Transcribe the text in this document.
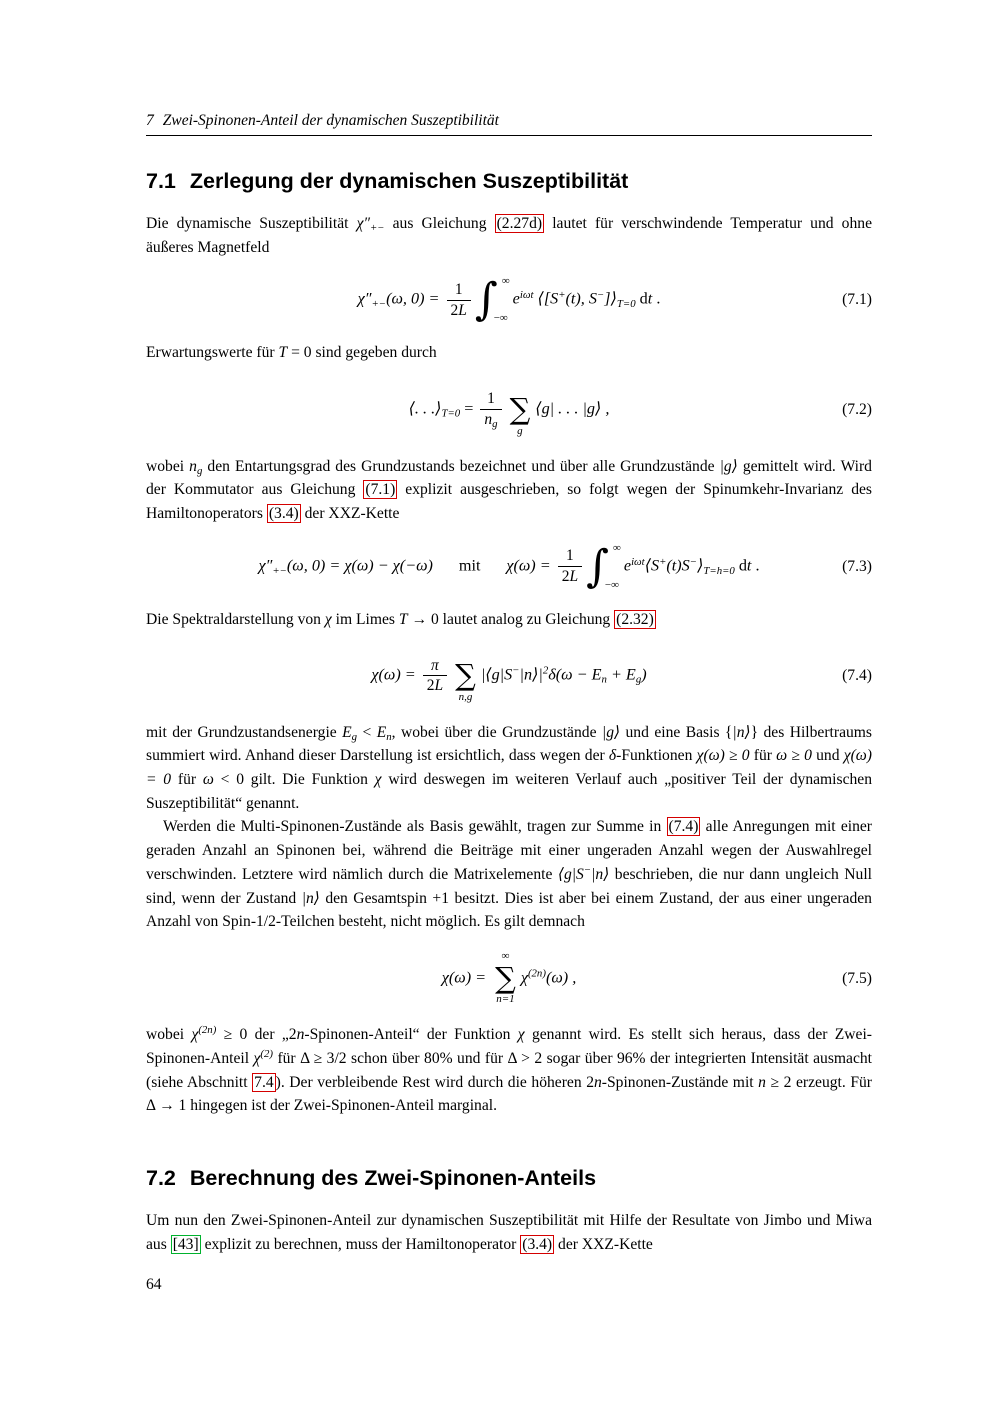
7 Zwei-Spinonen-Anteil der dynamischen Suszeptibilität
7.1 Zerlegung der dynamischen Suszeptibilität

Die dynamische Suszeptibilität $\chi''_{+-}$ aus Gleichung (2.27d) lautet für verschwindende Temperatur und ohne äußeres Magnetfeld

$\chi''_{+-}(\omega$, $0) = \frac{1}{2L}$ ∫ ∞
−∞
$e^{i\omega t}$ ⟨[S+(t), $S^-]⟩_{T=0}$ dt .	(7.1)

Erwartungswerte für T = 0 sind gegeben durch

⟨. . $.⟩_{T=0} = \frac{1}{n_g}$ ∑
g
⟨g| . . . |g⟩ ,	(7.2)

wobei $n_g$ den Entartungsgrad des Grundzustands bezeichnet und über alle Grundzustände |g⟩ gemittelt wird. Wird der Kommutator aus Gleichung (7.1) explizit ausgeschrieben, so folgt wegen der Spinumkehr-Invarianz des Hamiltonoperators (3.4) der XXZ-Kette

$\chi''_{+-}(\omega$, 0) = χ(ω) − χ(−ω) mit $\chi(\omega) = \frac{1}{2L}$ ∫ ∞
−∞
$e^{i\omega t}⟨S^+(t)S^-⟩_{T=h=0}$ dt .	(7.3)

Die Spektraldarstellung von χ im Limes T → 0 lautet analog zu Gleichung (2.32)

$\chi(\omega) = \frac{\pi}{2L}$ ∑
n,g
$|⟨g|S^-|n⟩|^2\delta(\omega - E_n + E_g)$	(7.4)

mit der Grundzustandsenergie $E_g < E_n$, wobei über die Grundzustände |g⟩ und eine Basis {|n⟩} des Hilbertraums summiert wird. Anhand dieser Darstellung ist ersichtlich, dass wegen der δ-Funktionen χ(ω) ≥ 0 für ω ≥ 0 und χ(ω) = 0 für ω < 0 gilt. Die Funktion χ wird deswegen im weiteren Verlauf auch „positiver Teil der dynamischen Suszeptibilität“ genannt.

Werden die Multi-Spinonen-Zustände als Basis gewählt, tragen zur Summe in (7.4) alle Anregungen mit einer geraden Anzahl an Spinonen bei, während die Beiträge mit einer ungeraden Anzahl wegen der Auswahlregel verschwinden. Letztere wird nämlich durch die Matrixelemente ⟨g|S−|n⟩ beschrieben, die nur dann ungleich Null sind, wenn der Zustand |n⟩ den Gesamtspin +1 besitzt. Dies ist aber bei einem Zustand, der aus einer ungeraden Anzahl von Spin-1/2-Teilchen besteht, nicht möglich. Es gilt demnach

χ(ω) =
∞
∑
n=1
$\chi^{(2n)}(\omega)$ ,	(7.5)

wobei $\chi^{(2n)} \ge 0$ der „2n-Spinonen-Anteil“ der Funktion χ genannt wird. Es stellt sich heraus, dass der Zwei-Spinonen-Anteil $\chi^{(2)}$ für Δ ≥ 3/2 schon über 80% und für Δ > 2 sogar über 96% der integrierten Intensität ausmacht (siehe Abschnitt 7.4 ). Der verbleibende Rest wird durch die höheren 2n-Spinonen-Zustände mit n ≥ 2 erzeugt. Für Δ → 1 hingegen ist der Zwei-Spinonen-Anteil marginal.

7.2 Berechnung des Zwei-Spinonen-Anteils

Um nun den Zwei-Spinonen-Anteil zur dynamischen Suszeptibilität mit Hilfe der Resultate von Jimbo und Miwa aus [43] explizit zu berechnen, muss der Hamiltonoperator (3.4) der XXZ-Kette

64
